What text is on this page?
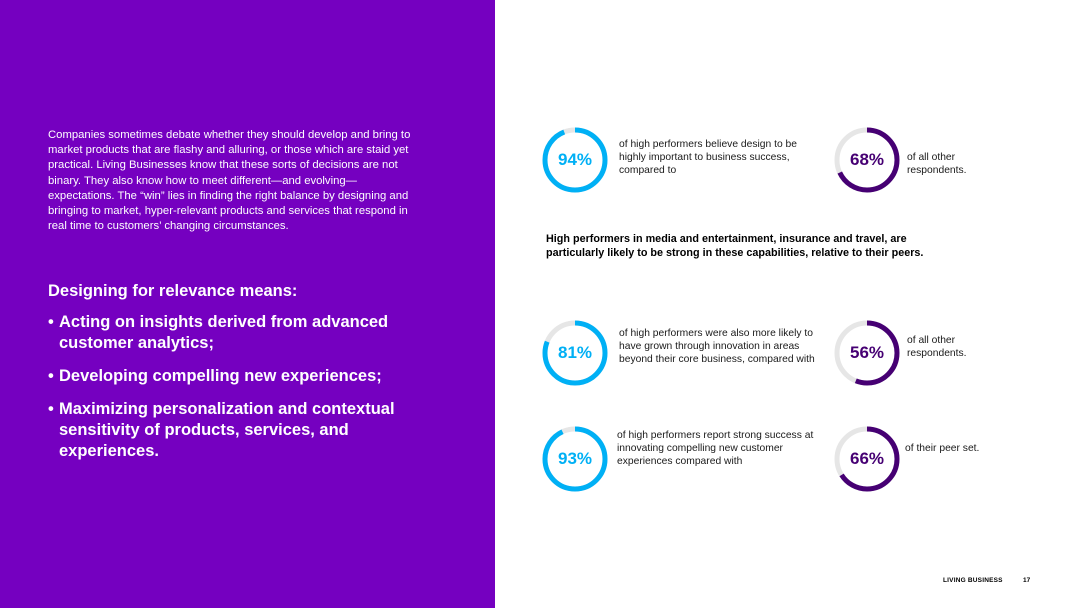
Companies sometimes debate whether they should develop and bring to market products that are flashy and alluring, or those which are staid yet practical. Living Businesses know that these sorts of decisions are not binary. They also know how to meet different—and evolving—expectations. The “win” lies in finding the right balance by designing and bringing to market, hyper-relevant products and services that respond in real time to customers’ changing circumstances.

Designing for relevance means:
• Acting on insights derived from advanced customer analytics;
• Developing compelling new experiences;
• Maximizing personalization and contextual sensitivity of products, services, and experiences.
94%
of high performers believe design to be highly important to business success, compared to
68%	of all other respondents.
High performers in media and entertainment, insurance and travel, are particularly likely to be strong in these capabilities, relative to their peers.
81%
of high performers were also more likely to have grown through innovation in areas beyond their core business, compared with	56%
of all other respondents.
93%
of high performers report strong success at innovating compelling new customer experiences compared with	66%
of their peer set.
LIVING BUSINESS	17
